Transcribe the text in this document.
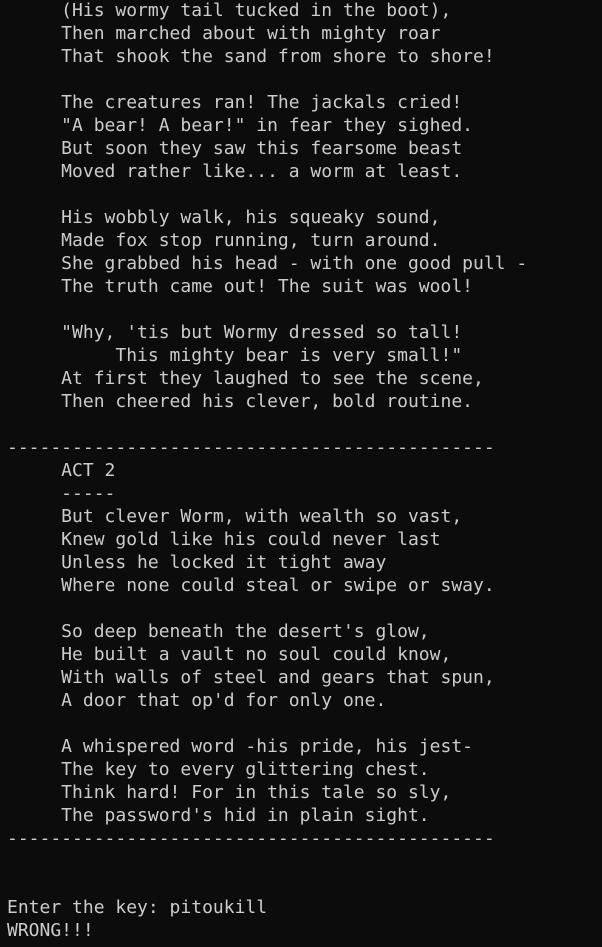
(His wormy tail tucked in the boot),
Then marched about with mighty roar
That shook the sand from shore to shore!
The creatures ran! The jackals cried!
"A bear! A bear!" in fear they sighed.
But soon they saw this fearsome beast
Moved rather like... a worm at least.
His wobbly walk, his squeaky sound,
Made fox stop running, turn around.
She grabbed his head - with one good pull -
The truth came out! The suit was wool!
"Why, 'tis but Wormy dressed so tall!
This mighty bear is very small!"
At first they laughed to see the scene,
Then cheered his clever, bold routine.
---------------------------------------------
ACT 2
-----
But clever Worm, with wealth so vast,
Knew gold like his could never last
Unless he locked it tight away
Where none could steal or swipe or sway.
So deep beneath the desert's glow,
He built a vault no soul could know,
With walls of steel and gears that spun,
A door that op'd for only one.
A whispered word -his pride, his jest-
The key to every glittering chest.
Think hard! For in this tale so sly,
The password's hid in plain sight.
---------------------------------------------
Enter the key: pitoukill
WRONG!!!
